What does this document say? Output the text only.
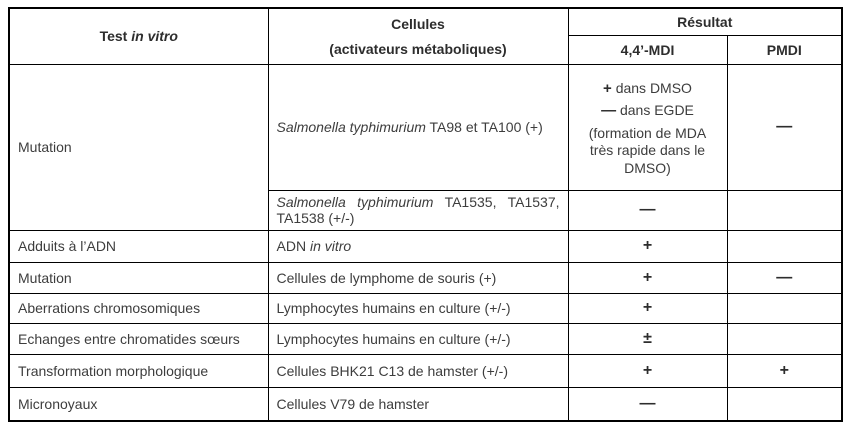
Test in vitro	Cellules
(activateurs métaboliques)	Résultat	
		4,4’-MDI	PMDI
Mutation	Salmonella typhimurium TA98 et TA100 (+)	+ dans DMSO
— dans EGDE
(formation de MDA très rapide dans le DMSO)	—
	Salmonella typhimurium TA1535, TA1537, TA1538 (+/-)	—	
Adduits à l’ADN	ADN in vitro	+	
Mutation	Cellules de lymphome de souris (+)	+	—
Aberrations chromosomiques	Lymphocytes humains en culture (+/-)	+	
Echanges entre chromatides sœurs	Lymphocytes humains en culture (+/-)	±	
Transformation morphologique	Cellules BHK21 C13 de hamster (+/-)	+	+
Micronoyaux	Cellules V79 de hamster	—	
